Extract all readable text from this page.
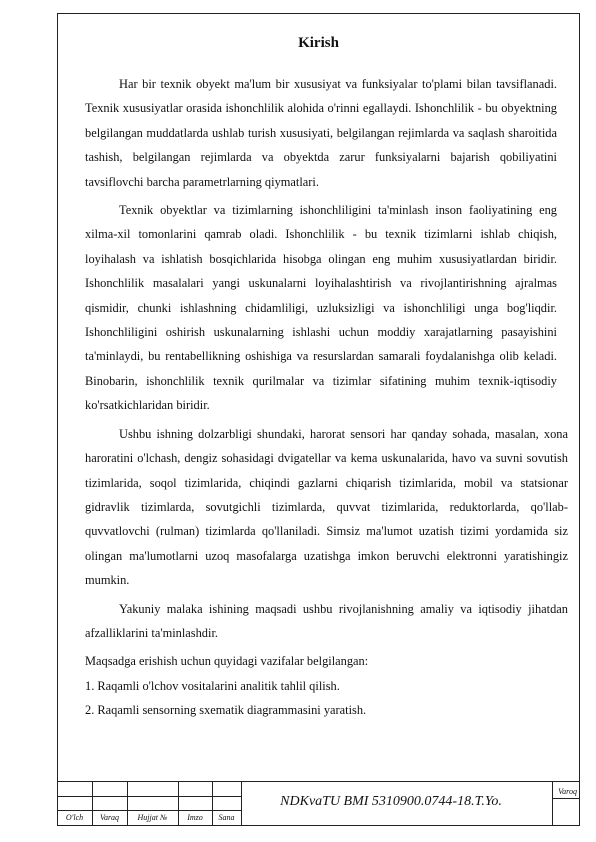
Kirish

Har bir texnik obyekt ma'lum bir xususiyat va funksiyalar to'plami bilan tavsiflanadi. Texnik xususiyatlar orasida ishonchlilik alohida o'rinni egallaydi. Ishonchlilik - bu obyektning belgilangan muddatlarda ushlab turish xususiyati, belgilangan rejimlarda va saqlash sharoitida tashish, belgilangan rejimlarda va obyektda zarur funksiyalarni bajarish qobiliyatini tavsiflovchi barcha parametrlarning qiymatlari.

Texnik obyektlar va tizimlarning ishonchliligini ta'minlash inson faoliyatining eng xilma-xil tomonlarini qamrab oladi. Ishonchlilik - bu texnik tizimlarni ishlab chiqish, loyihalash va ishlatish bosqichlarida hisobga olingan eng muhim xususiyatlardan biridir. Ishonchlilik masalalari yangi uskunalarni loyihalashtirish va rivojlantirishning ajralmas qismidir, chunki ishlashning chidamliligi, uzluksizligi va ishonchliligi unga bog'liqdir. Ishonchliligini oshirish uskunalarning ishlashi uchun moddiy xarajatlarning pasayishini ta'minlaydi, bu rentabellikning oshishiga va resurslardan samarali foydalanishga olib keladi. Binobarin, ishonchlilik texnik qurilmalar va tizimlar sifatining muhim texnik-iqtisodiy ko'rsatkichlaridan biridir.

Ushbu ishning dolzarbligi shundaki, harorat sensori har qanday sohada, masalan, xona haroratini o'lchash, dengiz sohasidagi dvigatellar va kema uskunalarida, havo va suvni sovutish tizimlarida, soqol tizimlarida, chiqindi gazlarni chiqarish tizimlarida, mobil va statsionar gidravlik tizimlarda, sovutgichli tizimlarda, quvvat tizimlarida, reduktorlarda, qo'llab-quvvatlovchi (rulman) tizimlarda qo'llaniladi. Simsiz ma'lumot uzatish tizimi yordamida siz olingan ma'lumotlarni uzoq masofalarga uzatishga imkon beruvchi elektronni yaratishingiz mumkin.

Yakuniy malaka ishining maqsadi ushbu rivojlanishning amaliy va iqtisodiy jihatdan afzalliklarini ta'minlashdir.

Maqsadga erishish uchun quyidagi vazifalar belgilangan:

1. Raqamli o'lchov vositalarini analitik tahlil qilish.

2. Raqamli sensorning sxematik diagrammasini yaratish.

O'lch	Varaq	Hujjat №	Imzo	Sana
NDKvaTU BMI 5310900.0744-18.T.Yo.
Varoq
